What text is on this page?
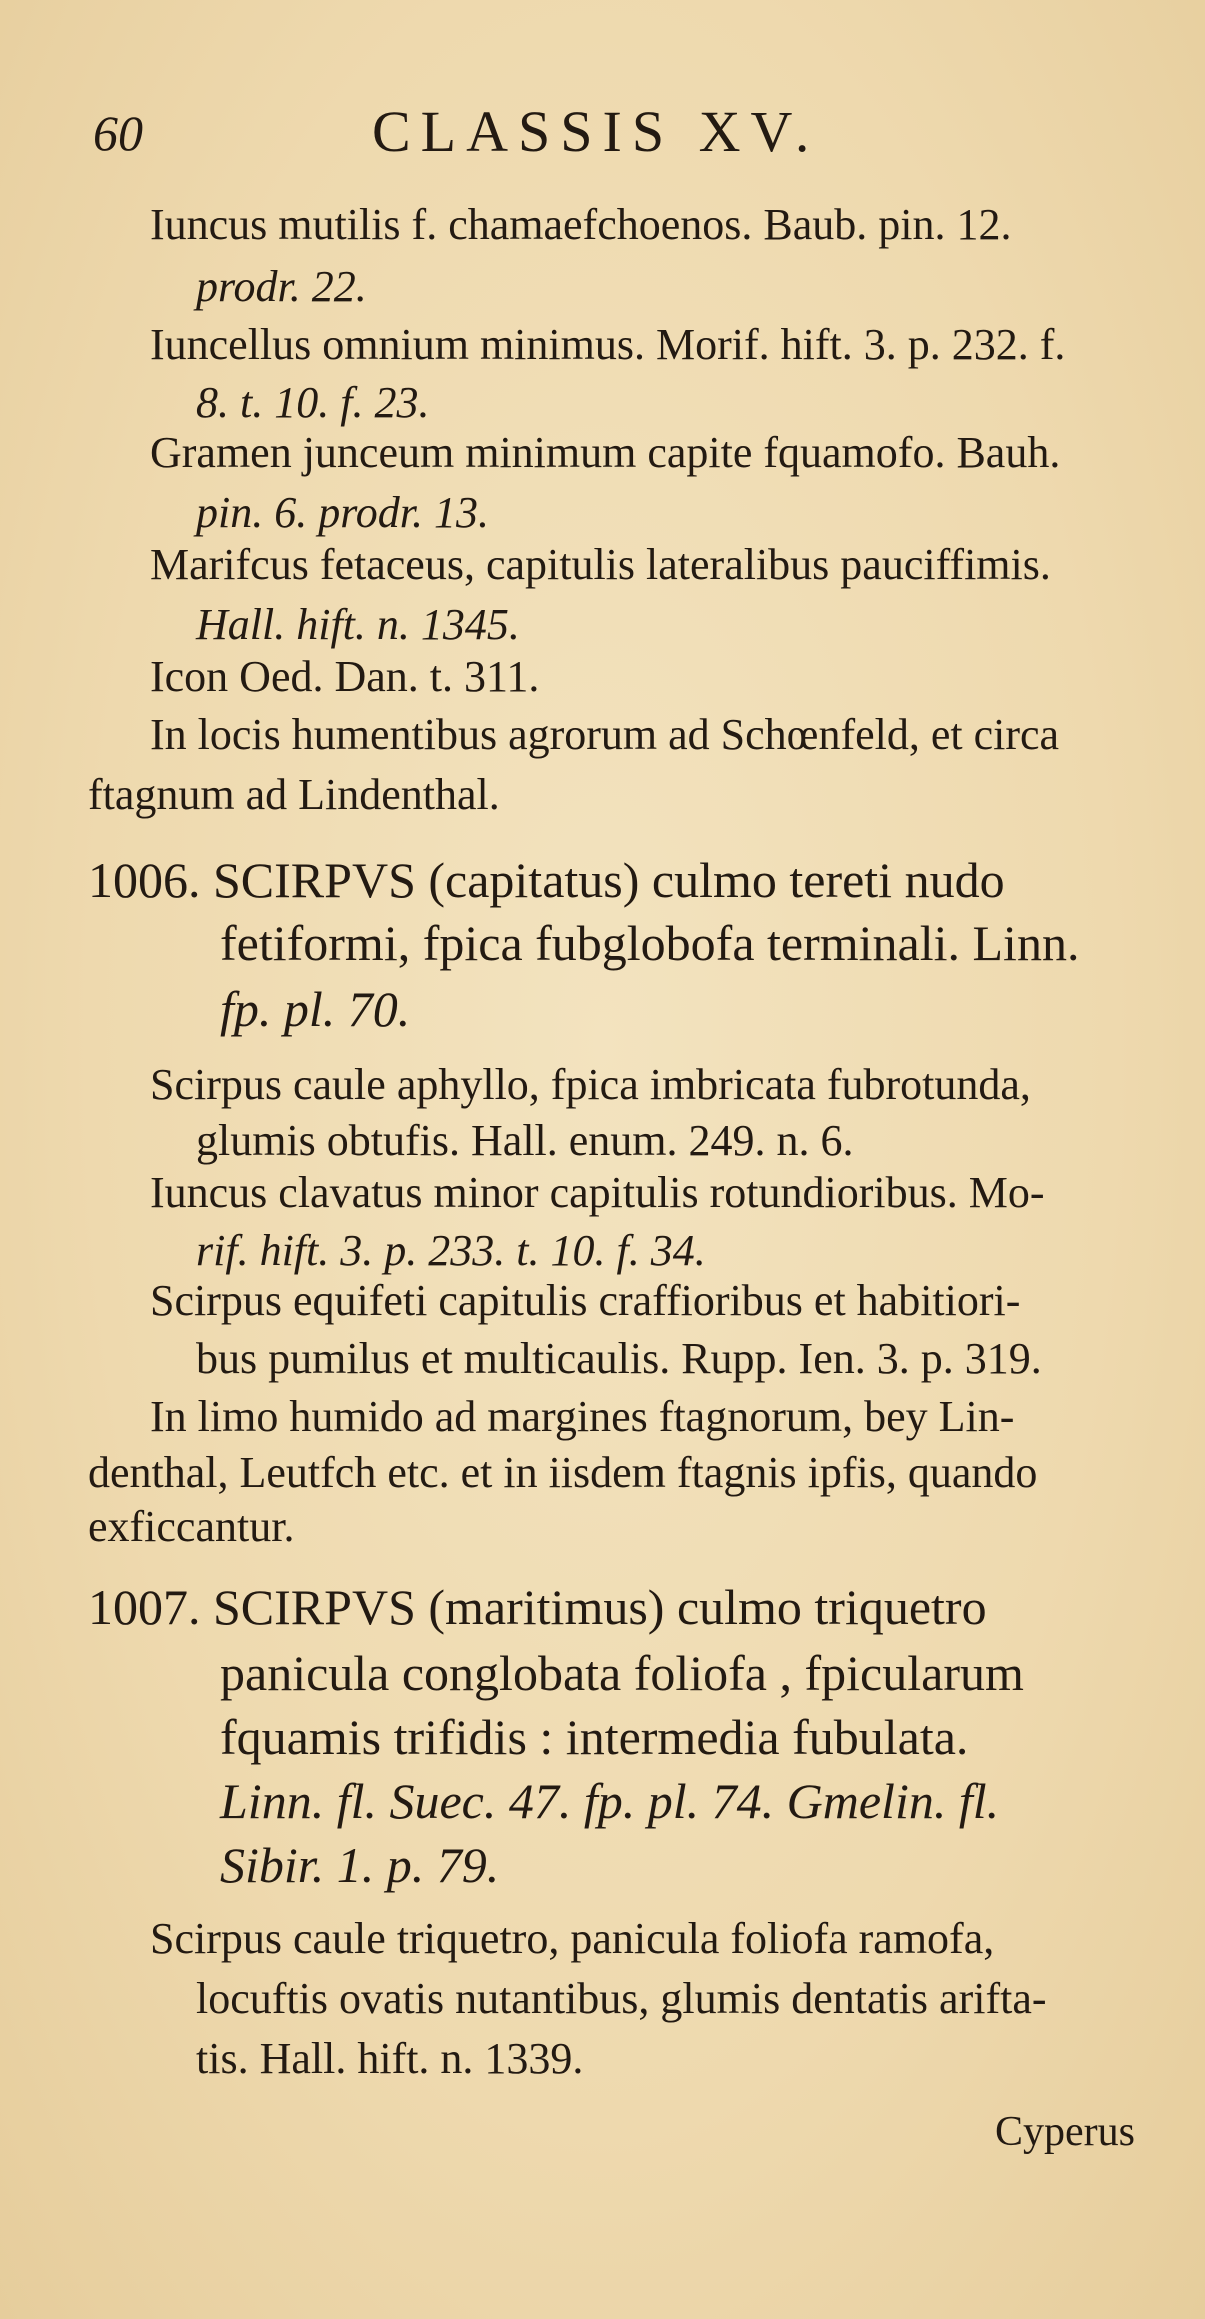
60	CLASSIS XV.
Iuncus mutilis f. chamaefchoenos. Baub. pin. 12.
prodr. 22.
Iuncellus omnium minimus. Morif. hift. 3. p. 232. f.
8. t. 10. f. 23.
Gramen junceum minimum capite fquamofo. Bauh.
pin. 6. prodr. 13.
Marifcus fetaceus, capitulis lateralibus pauciffimis.
Hall. hift. n. 1345.
Icon Oed. Dan. t. 311.
In locis humentibus agrorum ad Schœnfeld, et circa
ftagnum ad Lindenthal.
1006. SCIRPVS (capitatus) culmo tereti nudo
fetiformi, fpica fubglobofa terminali. Linn.
fp. pl. 70.
Scirpus caule aphyllo, fpica imbricata fubrotunda,
glumis obtufis. Hall. enum. 249. n. 6.
Iuncus clavatus minor capitulis rotundioribus. Mo-
rif. hift. 3. p. 233. t. 10. f. 34.
Scirpus equifeti capitulis craffioribus et habitiori-
bus pumilus et multicaulis. Rupp. Ien. 3. p. 319.
In limo humido ad margines ftagnorum, bey Lin-
denthal, Leutfch etc. et in iisdem ftagnis ipfis, quando
exficcantur.
1007. SCIRPVS (maritimus) culmo triquetro
panicula conglobata foliofa , fpicularum
fquamis trifidis : intermedia fubulata.
Linn. fl. Suec. 47. fp. pl. 74. Gmelin. fl.
Sibir. 1. p. 79.
Scirpus caule triquetro, panicula foliofa ramofa,
locuftis ovatis nutantibus, glumis dentatis arifta-
tis. Hall. hift. n. 1339.
Cyperus
